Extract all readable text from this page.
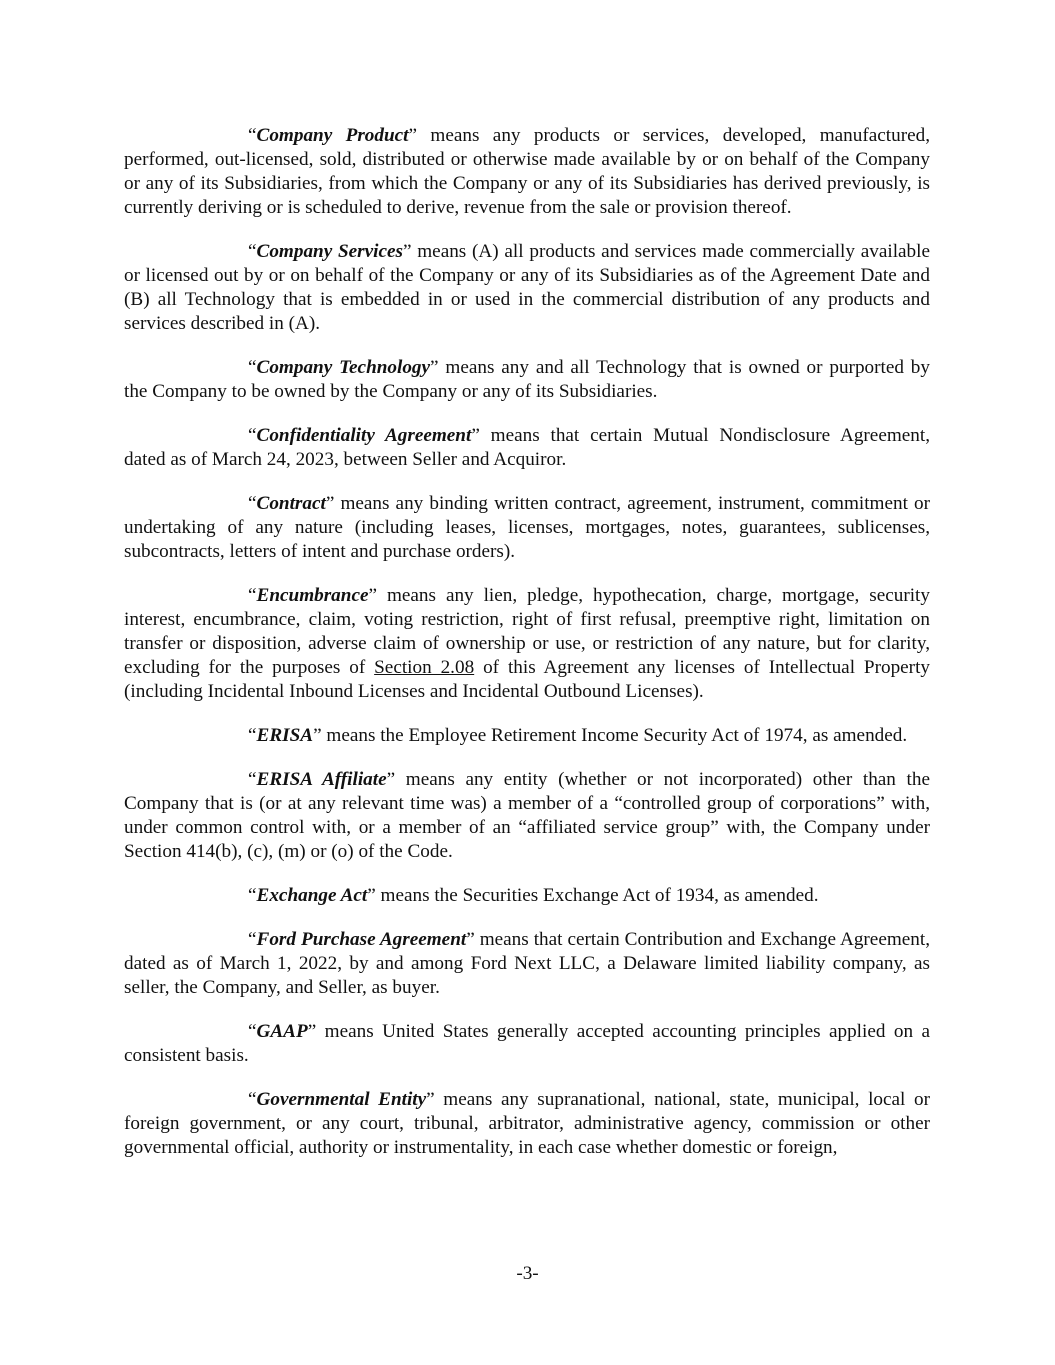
“Company Product” means any products or services, developed, manufactured, performed, out-licensed, sold, distributed or otherwise made available by or on behalf of the Company or any of its Subsidiaries, from which the Company or any of its Subsidiaries has derived previously, is currently deriving or is scheduled to derive, revenue from the sale or provision thereof.

“Company Services” means (A) all products and services made commercially available or licensed out by or on behalf of the Company or any of its Subsidiaries as of the Agreement Date and (B) all Technology that is embedded in or used in the commercial distribution of any products and services described in (A).

“Company Technology” means any and all Technology that is owned or purported by the Company to be owned by the Company or any of its Subsidiaries.

“Confidentiality Agreement” means that certain Mutual Nondisclosure Agreement, dated as of March 24, 2023, between Seller and Acquiror.

“Contract” means any binding written contract, agreement, instrument, commitment or undertaking of any nature (including leases, licenses, mortgages, notes, guarantees, sublicenses, subcontracts, letters of intent and purchase orders).

“Encumbrance” means any lien, pledge, hypothecation, charge, mortgage, security interest, encumbrance, claim, voting restriction, right of first refusal, preemptive right, limitation on transfer or disposition, adverse claim of ownership or use, or restriction of any nature, but for clarity, excluding for the purposes of Section 2.08 of this Agreement any licenses of Intellectual Property (including Incidental Inbound Licenses and Incidental Outbound Licenses).

“ERISA” means the Employee Retirement Income Security Act of 1974, as amended.

“ERISA Affiliate” means any entity (whether or not incorporated) other than the Company that is (or at any relevant time was) a member of a “controlled group of corporations” with, under common control with, or a member of an “affiliated service group” with, the Company under Section 414(b), (c), (m) or (o) of the Code.

“Exchange Act” means the Securities Exchange Act of 1934, as amended.

“Ford Purchase Agreement” means that certain Contribution and Exchange Agreement, dated as of March 1, 2022, by and among Ford Next LLC, a Delaware limited liability company, as seller, the Company, and Seller, as buyer.

“GAAP” means United States generally accepted accounting principles applied on a consistent basis.

“Governmental Entity” means any supranational, national, state, municipal, local or foreign government, or any court, tribunal, arbitrator, administrative agency, commission or other governmental official, authority or instrumentality, in each case whether domestic or foreign,

-3-
